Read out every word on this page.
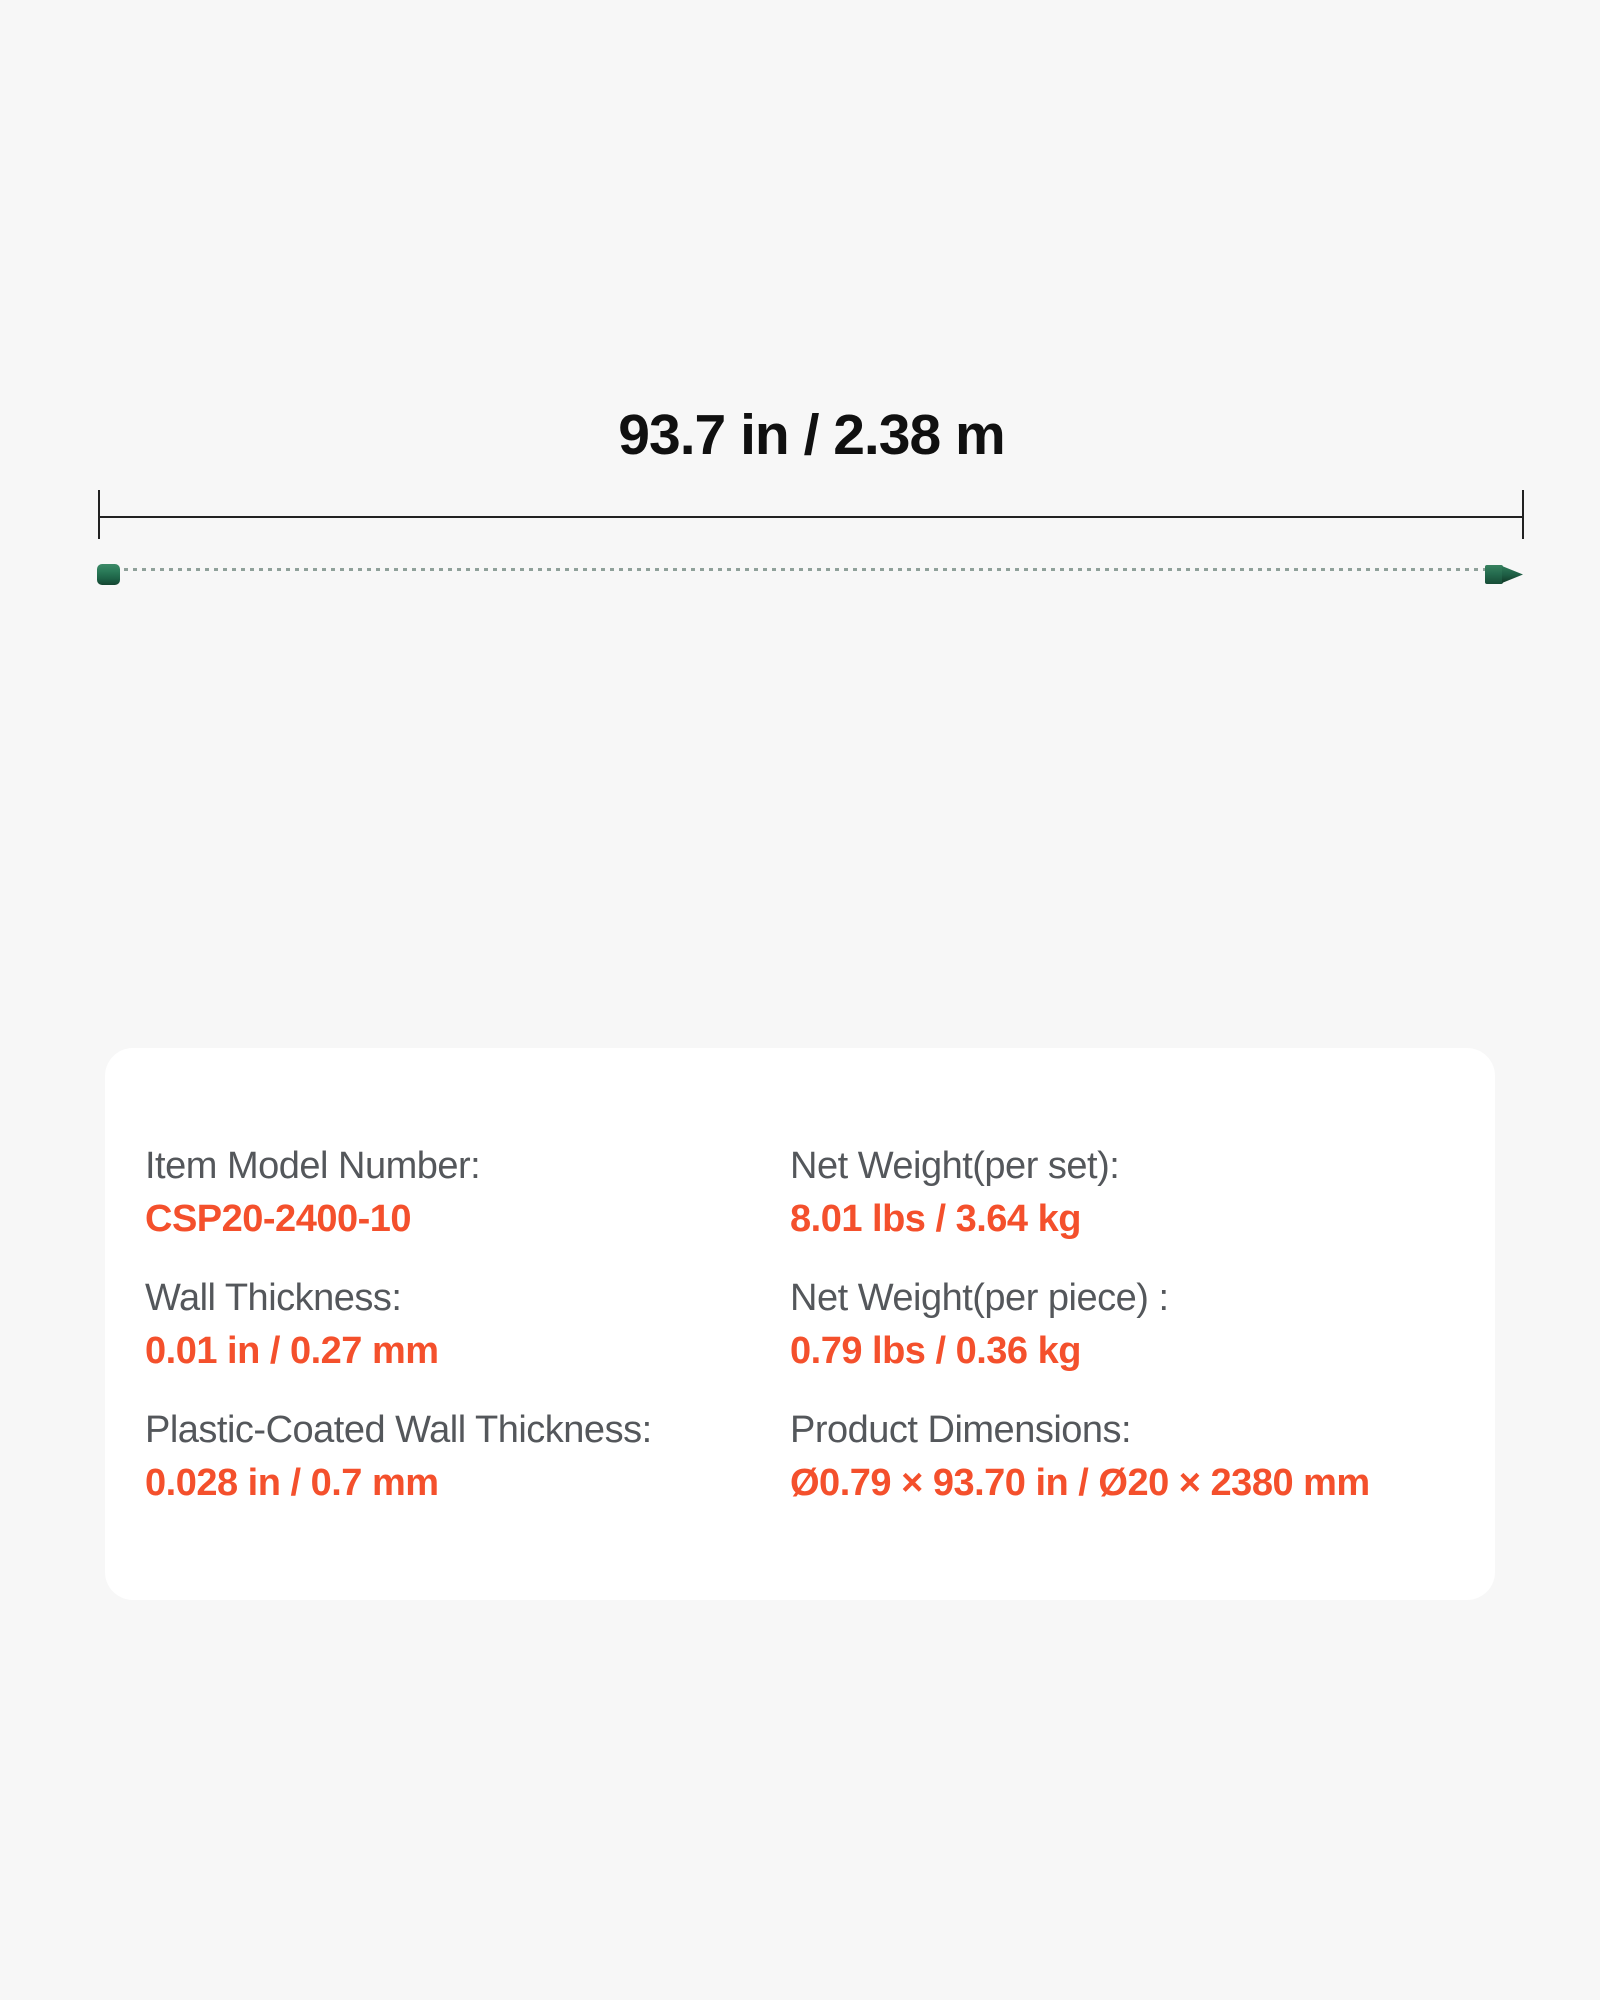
93.7 in / 2.38 m
Item Model Number:
CSP20-2400-10
Net Weight(per set):
8.01 lbs / 3.64 kg
Wall Thickness:
0.01 in / 0.27 mm
Net Weight(per piece) :
0.79 lbs / 0.36 kg
Plastic-Coated Wall Thickness:
0.028 in / 0.7 mm
Product Dimensions:
Ø0.79 × 93.70 in / Ø20 × 2380 mm
